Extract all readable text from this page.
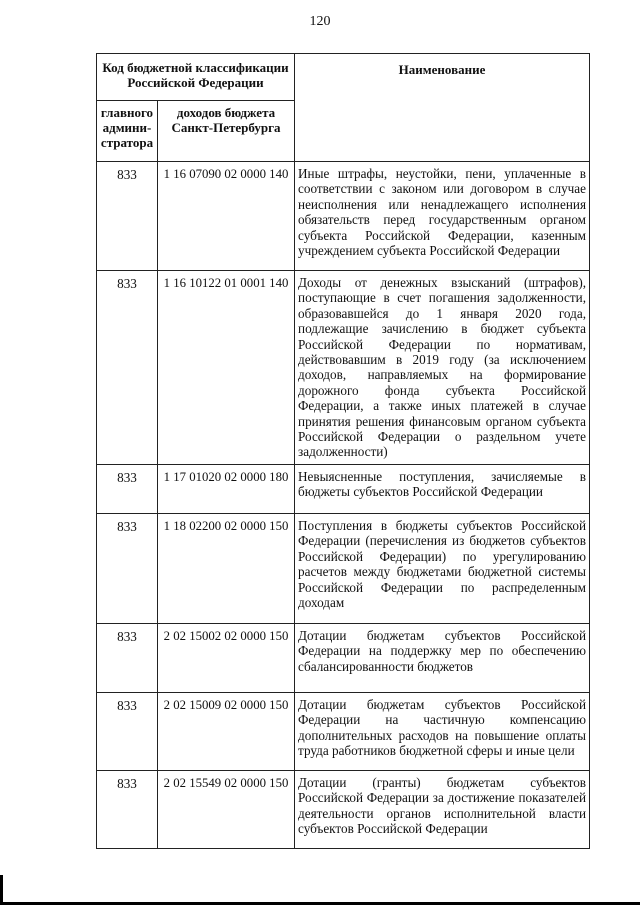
120
Код бюджетной классификации Российской Федерации		Наименование
главного админи-стратора	доходов бюджета Санкт-Петербурга	
833	1 16 07090 02 0000 140	Иные штрафы, неустойки, пени, уплаченные в соответствии с законом или договором в случае неисполнения или ненадлежащего исполнения обязательств перед государственным органом субъекта Российской Федерации, казенным учреждением субъекта Российской Федерации
833	1 16 10122 01 0001 140	Доходы от денежных взысканий (штрафов), поступающие в счет погашения задолженности, образовавшейся до 1 января 2020 года, подлежащие зачислению в бюджет субъекта Российской Федерации по нормативам, действовавшим в 2019 году (за исключением доходов, направляемых на формирование дорожного фонда субъекта Российской Федерации, а также иных платежей в случае принятия решения финансовым органом субъекта Российской Федерации о раздельном учете задолженности)
833	1 17 01020 02 0000 180	Невыясненные поступления, зачисляемые в бюджеты субъектов Российской Федерации
833	1 18 02200 02 0000 150	Поступления в бюджеты субъектов Российской Федерации (перечисления из бюджетов субъектов Российской Федерации) по урегулированию расчетов между бюджетами бюджетной системы Российской Федерации по распределенным доходам
833	2 02 15002 02 0000 150	Дотации бюджетам субъектов Российской Федерации на поддержку мер по обеспечению сбалансированности бюджетов
833	2 02 15009 02 0000 150	Дотации бюджетам субъектов Российской Федерации на частичную компенсацию дополнительных расходов на повышение оплаты труда работников бюджетной сферы и иные цели
833	2 02 15549 02 0000 150	Дотации (гранты) бюджетам субъектов Российской Федерации за достижение показателей деятельности органов исполнительной власти субъектов Российской Федерации
